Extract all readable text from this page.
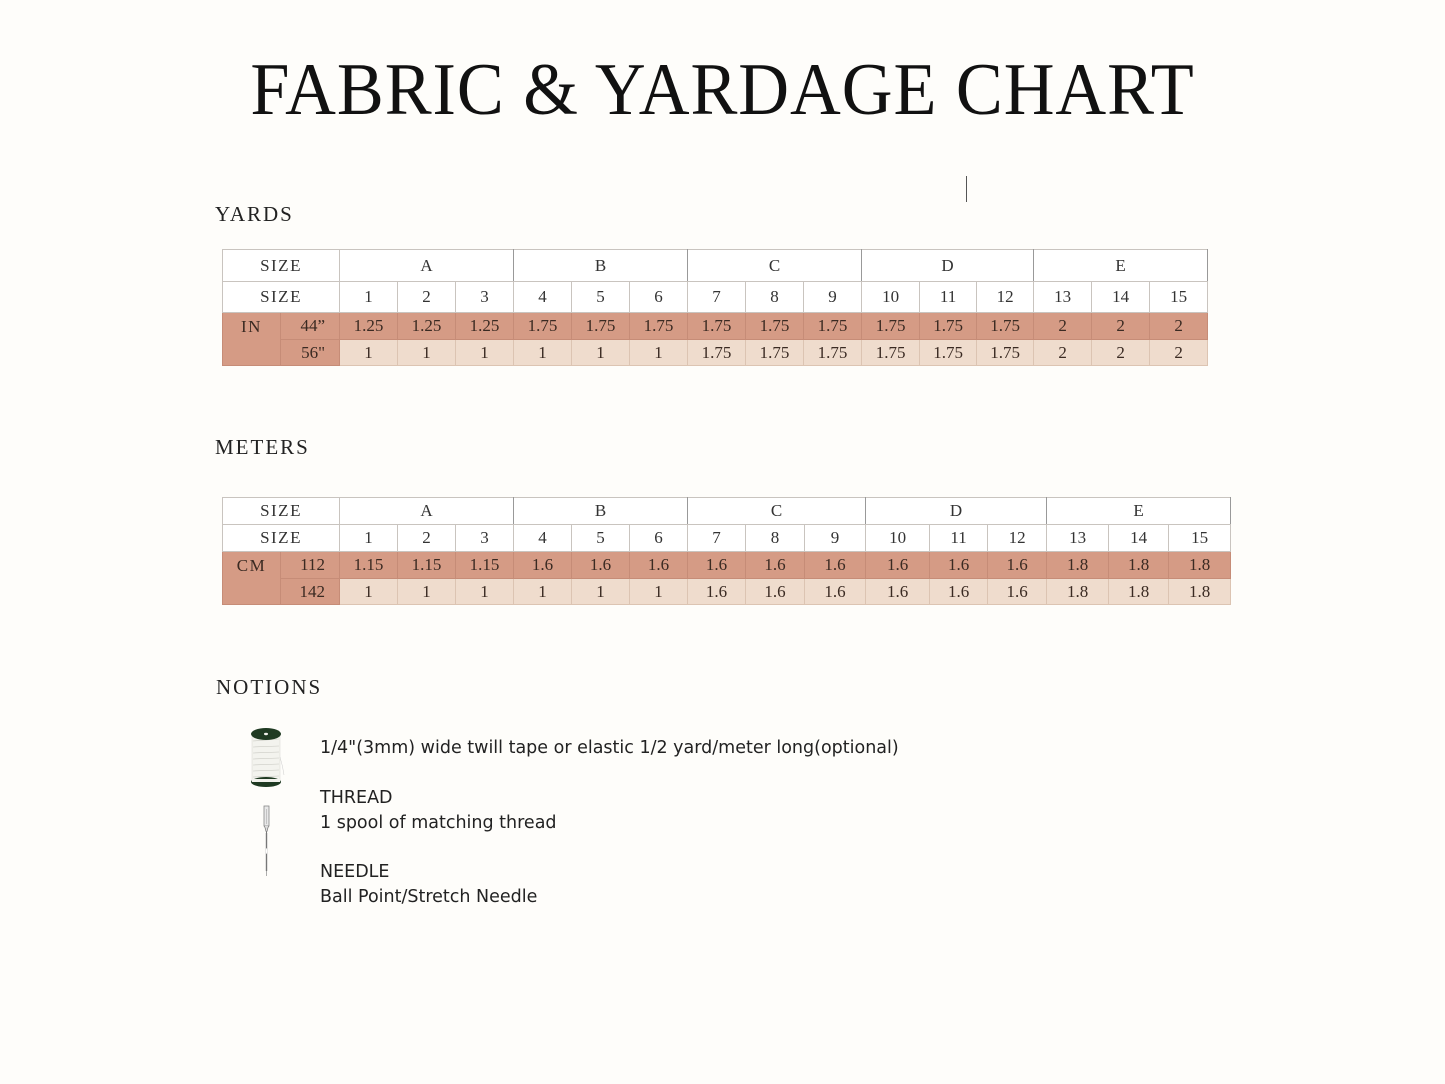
FABRIC & YARDAGE CHART
YARDS
SIZE		A			B			C			D			E		
SIZE		1	2	3	4	5	6	7	8	9	10	11	12	13	14	15
IN	44”	1.25	1.25	1.25	1.75	1.75	1.75	1.75	1.75	1.75	1.75	1.75	1.75	2	2	2
	56"	1	1	1	1	1	1	1.75	1.75	1.75	1.75	1.75	1.75	2	2	2
METERS
SIZE		A			B			C			D			E		
SIZE		1	2	3	4	5	6	7	8	9	10	11	12	13	14	15
CM	112	1.15	1.15	1.15	1.6	1.6	1.6	1.6	1.6	1.6	1.6	1.6	1.6	1.8	1.8	1.8
	142	1	1	1	1	1	1	1.6	1.6	1.6	1.6	1.6	1.6	1.8	1.8	1.8
NOTIONS
1/4"(3mm) wide twill tape or elastic 1/2 yard/meter long(optional)
THREAD
1 spool of matching thread
NEEDLE
Ball Point/Stretch Needle
